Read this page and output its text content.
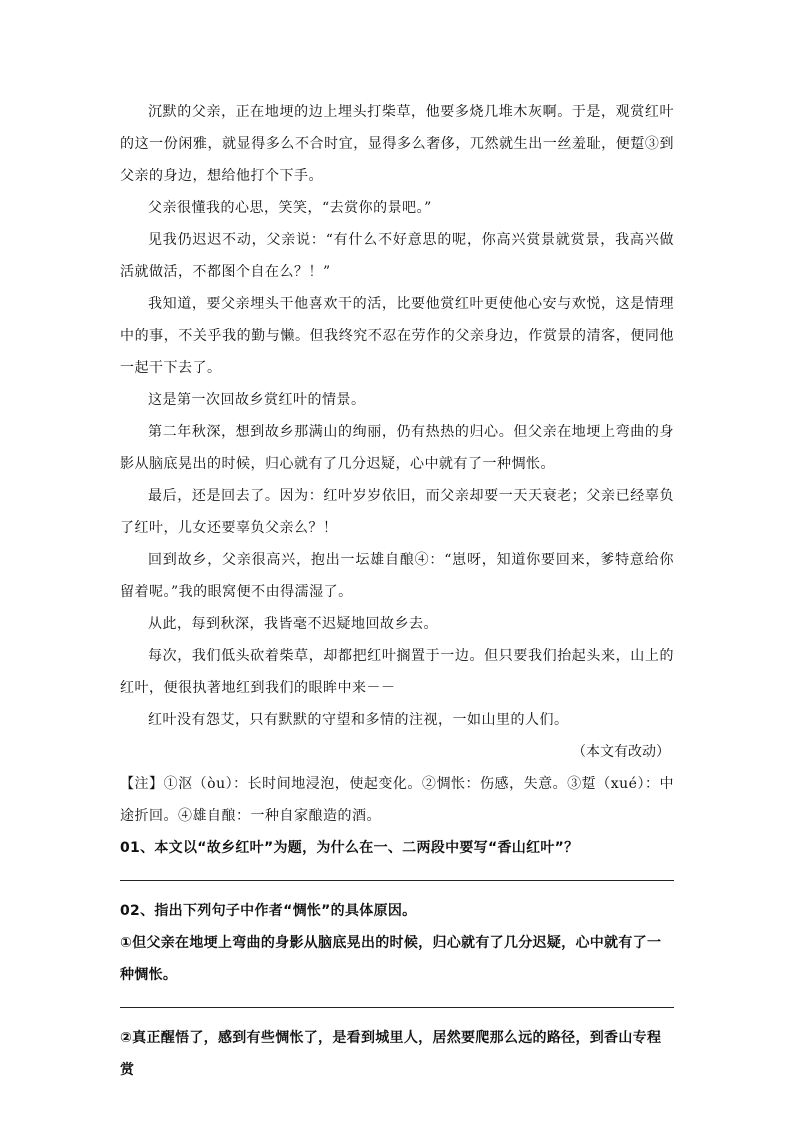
沉默的父亲，正在地埂的边上埋头打柴草，他要多烧几堆木灰啊。于是，观赏红叶的这一份闲雅，就显得多么不合时宜，显得多么奢侈，兀然就生出一丝羞耻，便踅③到父亲的身边，想给他打个下手。

父亲很懂我的心思，笑笑，“去赏你的景吧。”

见我仍迟迟不动，父亲说：“有什么不好意思的呢，你高兴赏景就赏景，我高兴做活就做活，不都图个自在么？！”

我知道，要父亲埋头干他喜欢干的活，比要他赏红叶更使他心安与欢悦，这是情理中的事，不关乎我的勤与懒。但我终究不忍在劳作的父亲身边，作赏景的清客，便同他一起干下去了。

这是第一次回故乡赏红叶的情景。

第二年秋深，想到故乡那满山的绚丽，仍有热热的归心。但父亲在地埂上弯曲的身影从脑底晃出的时候，归心就有了几分迟疑，心中就有了一种惆怅。

最后，还是回去了。因为：红叶岁岁依旧，而父亲却要一天天衰老；父亲已经辜负了红叶，儿女还要辜负父亲么？！

回到故乡，父亲很高兴，抱出一坛雄自酿④：“崽呀，知道你要回来，爹特意给你留着呢。”我的眼窝便不由得濡湿了。

从此，每到秋深，我皆毫不迟疑地回故乡去。

每次，我们低头砍着柴草，却都把红叶搁置于一边。但只要我们抬起头来，山上的红叶，便很执著地红到我们的眼眸中来－－

红叶没有怨艾，只有默默的守望和多情的注视，一如山里的人们。

（本文有改动）

【注】①沤（òu）：长时间地浸泡，使起变化。②惆怅：伤感，失意。③踅（xué）：中途折回。④雄自酿：一种自家酿造的酒。

01、本文以“故乡红叶”为题，为什么在一、二两段中要写“香山红叶”？

02、指出下列句子中作者“惆怅”的具体原因。

①但父亲在地埂上弯曲的身影从脑底晃出的时候，归心就有了几分迟疑，心中就有了一种惆怅。

②真正醒悟了，感到有些惆怅了，是看到城里人，居然要爬那么远的路径，到香山专程赏
